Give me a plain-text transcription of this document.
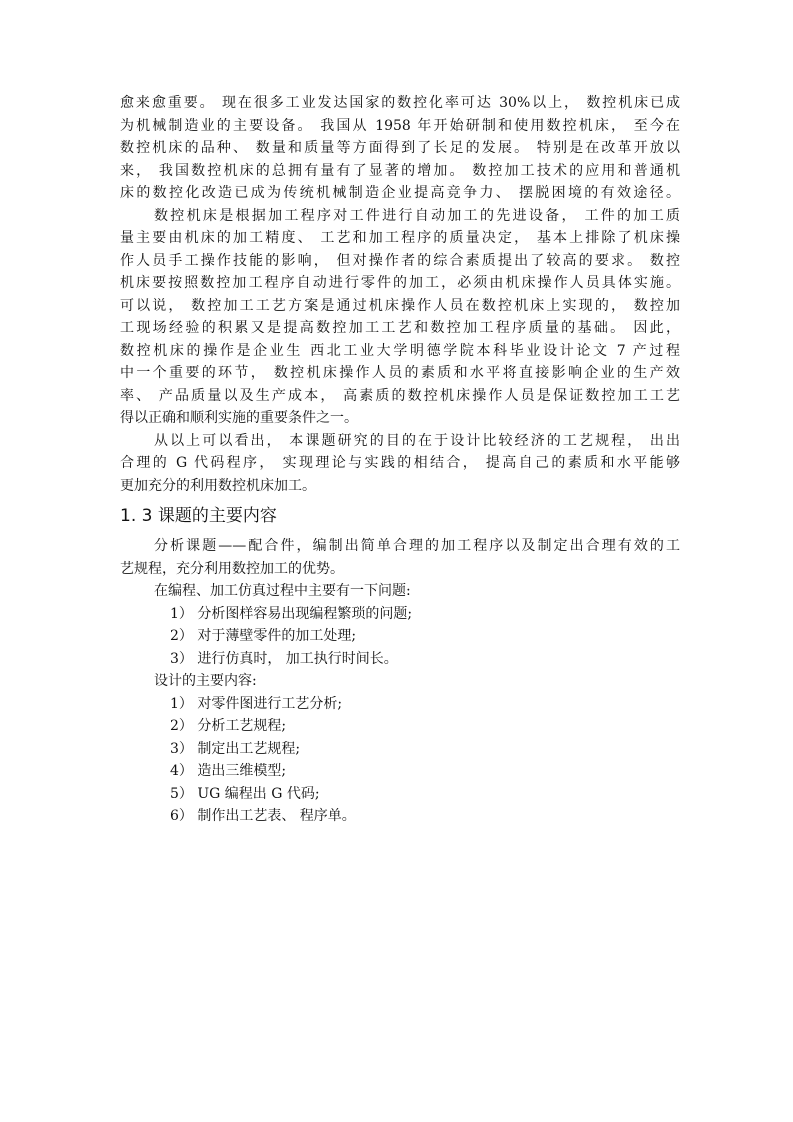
愈来愈重要。 现在很多工业发达国家的数控化率可达 30%以上， 数控机床已成
为机械制造业的主要设备。 我国从 1958 年开始研制和使用数控机床， 至今在
数控机床的品种、 数量和质量等方面得到了长足的发展。 特别是在改革开放以
来， 我国数控机床的总拥有量有了显著的增加。 数控加工技术的应用和普通机
床的数控化改造已成为传统机械制造企业提高竞争力、 摆脱困境的有效途径。
数控机床是根据加工程序对工件进行自动加工的先进设备， 工件的加工质
量主要由机床的加工精度、 工艺和加工程序的质量决定， 基本上排除了机床操
作人员手工操作技能的影响， 但对操作者的综合素质提出了较高的要求。 数控
机床要按照数控加工程序自动进行零件的加工，必须由机床操作人员具体实施。
可以说， 数控加工工艺方案是通过机床操作人员在数控机床上实现的， 数控加
工现场经验的积累又是提高数控加工工艺和数控加工程序质量的基础。 因此，
数控机床的操作是企业生 西北工业大学明德学院本科毕业设计论文 7 产过程
中一个重要的环节， 数控机床操作人员的素质和水平将直接影响企业的生产效
率、 产品质量以及生产成本， 高素质的数控机床操作人员是保证数控加工工艺
得以正确和顺利实施的重要条件之一。
从以上可以看出， 本课题研究的目的在于设计比较经济的工艺规程， 出出
合理的 G 代码程序， 实现理论与实践的相结合， 提高自己的素质和水平能够
更加充分的利用数控机床加工。
1. 3 课题的主要内容
分析课题——配合件，编制出简单合理的加工程序以及制定出合理有效的工
艺规程，充分利用数控加工的优势。
在编程、加工仿真过程中主要有一下问题:
1） 分析图样容易出现编程繁琐的问题;
2） 对于薄壁零件的加工处理;
3） 进行仿真时， 加工执行时间长。
设计的主要内容:
1） 对零件图进行工艺分析;
2） 分析工艺规程;
3） 制定出工艺规程;
4） 造出三维模型;
5） UG 编程出 G 代码;
6） 制作出工艺表、 程序单。
